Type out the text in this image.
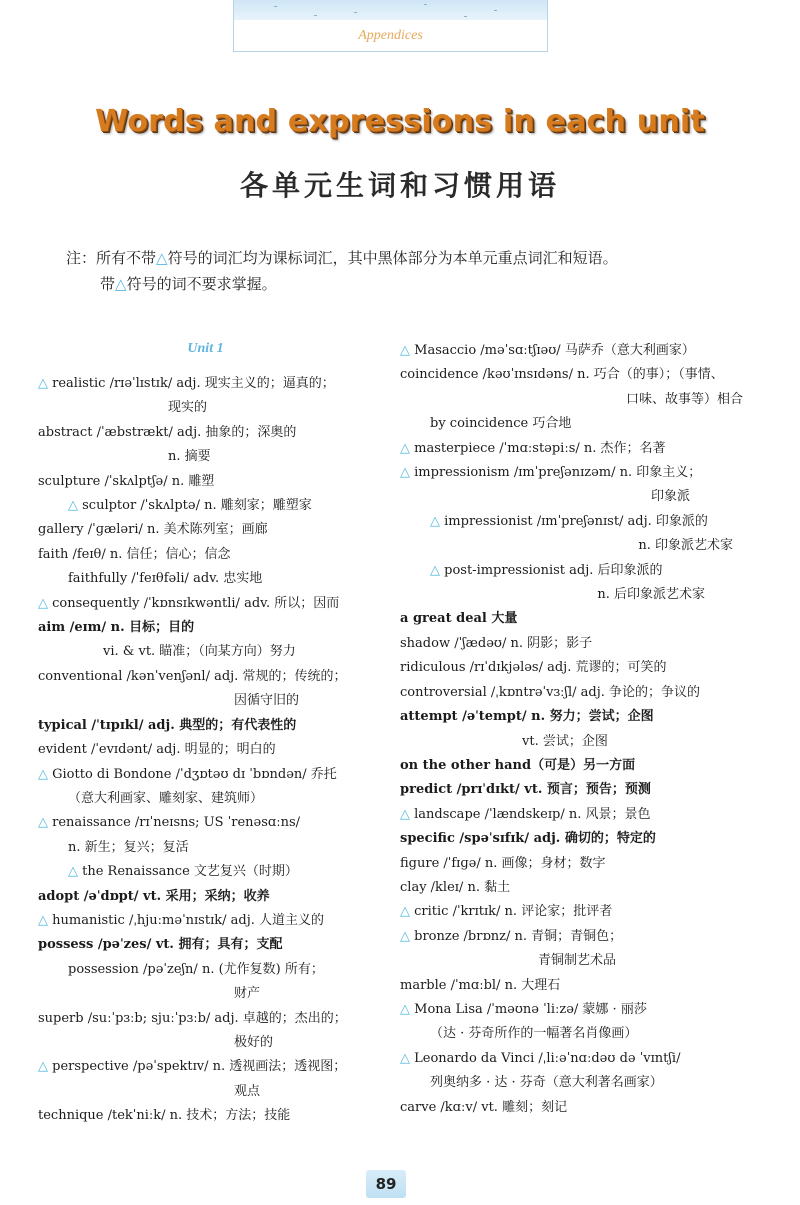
Appendices
Words and expressions in each unit
各单元生词和习惯用语
注：所有不带△符号的词汇均为课标词汇，其中黑体部分为本单元重点词汇和短语。
带△符号的词不要求掌握。
Unit 1
△ realistic /rɪəˈlɪstɪk/ adj. 现实主义的；逼真的；
现实的
abstract /ˈæbstrækt/ adj. 抽象的；深奥的
n. 摘要
sculpture /ˈskʌlptʃə/ n. 雕塑
△ sculptor /ˈskʌlptə/ n. 雕刻家；雕塑家
gallery /ˈɡæləri/ n. 美术陈列室；画廊
faith /feɪθ/ n. 信任；信心；信念
faithfully /ˈfeɪθfəli/ adv. 忠实地
△ consequently /ˈkɒnsɪkwəntli/ adv. 所以；因而
aim /eɪm/ n. 目标；目的
vi. & vt. 瞄准；（向某方向）努力
conventional /kənˈvenʃənl/ adj. 常规的；传统的；
因循守旧的
typical /ˈtɪpɪkl/ adj. 典型的；有代表性的
evident /ˈevɪdənt/ adj. 明显的；明白的
△ Giotto di Bondone /ˈdʒɒtəʊ dɪ ˈbɒndən/ 乔托
（意大利画家、雕刻家、建筑师）
△ renaissance /rɪˈneɪsns; US ˈrenəsɑːns/
n. 新生；复兴；复活
△ the Renaissance 文艺复兴（时期）
adopt /əˈdɒpt/ vt. 采用；采纳；收养
△ humanistic /ˌhjuːməˈnɪstɪk/ adj. 人道主义的
possess /pəˈzes/ vt. 拥有；具有；支配
possession /pəˈzeʃn/ n. (尤作复数) 所有；
财产
superb /suːˈpɜːb; sjuːˈpɜːb/ adj. 卓越的；杰出的；
极好的
△ perspective /pəˈspektɪv/ n. 透视画法；透视图；
观点
technique /tekˈniːk/ n. 技术；方法；技能
△ Masaccio /məˈsɑːtʃɪəʊ/ 马萨乔（意大利画家）
coincidence /kəʊˈɪnsɪdəns/ n. 巧合（的事）；（事情、
口味、故事等）相合
by coincidence 巧合地
△ masterpiece /ˈmɑːstəpiːs/ n. 杰作；名著
△ impressionism /ɪmˈpreʃənɪzəm/ n. 印象主义；
印象派
△ impressionist /ɪmˈpreʃənɪst/ adj. 印象派的
n. 印象派艺术家
△ post-impressionist adj. 后印象派的
n. 后印象派艺术家
a great deal 大量
shadow /ˈʃædəʊ/ n. 阴影；影子
ridiculous /rɪˈdɪkjələs/ adj. 荒谬的；可笑的
controversial /ˌkɒntrəˈvɜːʃl/ adj. 争论的；争议的
attempt /əˈtempt/ n. 努力；尝试；企图
vt. 尝试；企图
on the other hand（可是）另一方面
predict /prɪˈdɪkt/ vt. 预言；预告；预测
△ landscape /ˈlændskeɪp/ n. 风景；景色
specific /spəˈsɪfɪk/ adj. 确切的；特定的
figure /ˈfɪɡə/ n. 画像；身材；数字
clay /kleɪ/ n. 黏土
△ critic /ˈkrɪtɪk/ n. 评论家；批评者
△ bronze /brɒnz/ n. 青铜；青铜色；
青铜制艺术品
marble /ˈmɑːbl/ n. 大理石
△ Mona Lisa /ˈməʊnə ˈliːzə/ 蒙娜 · 丽莎
（达 · 芬奇所作的一幅著名肖像画）
△ Leonardo da Vinci /ˌliːəˈnɑːdəʊ də ˈvɪntʃi/
列奥纳多 · 达 · 芬奇（意大利著名画家）
carve /kɑːv/ vt. 雕刻；刻记
89
